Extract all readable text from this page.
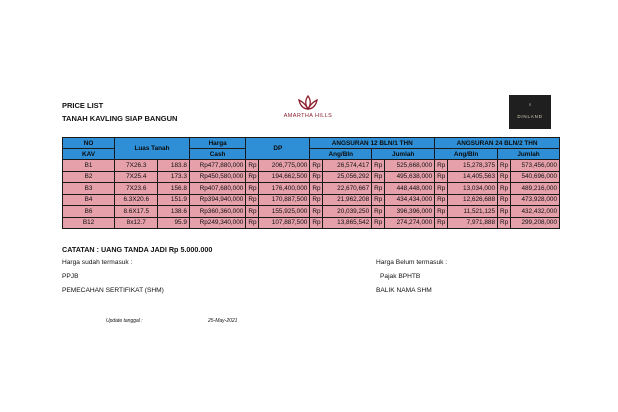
PRICE LIST
TANAH KAVLING SIAP BANGUN	AMARTHA HILLS
◦
DINLAND
NO	Luas Tanah		Harga	DP		ANGSURAN 12 BLN/1 THN				ANGSURAN 24 BLN/2 THN			
KAV			Cash			Ang/Bln		Jumlah		Ang/Bln		Jumlah	
B1	7X26.3	183.8	Rp477,880,000	Rp	206,775,000	Rp	26,574,417	Rp	525,668,000	Rp	15,278,375	Rp	573,456,000
B2	7X25.4	173.3	Rp450,580,000	Rp	194,662,500	Rp	25,056,292	Rp	495,638,000	Rp	14,405,563	Rp	540,696,000
B3	7X23.6	156.8	Rp407,680,000	Rp	176,400,000	Rp	22,670,667	Rp	448,448,000	Rp	13,034,000	Rp	489,216,000
B4	6.3X20.6	151.9	Rp394,940,000	Rp	170,887,500	Rp	21,962,208	Rp	434,434,000	Rp	12,626,688	Rp	473,928,000
B6	8.6X17.5	138.6	Rp360,360,000	Rp	155,925,000	Rp	20,039,250	Rp	396,396,000	Rp	11,521,125	Rp	432,432,000
B12	8x12.7	95.9	Rp249,340,000	Rp	107,887,500	Rp	13,865,542	Rp	274,274,000	Rp	7,971,888	Rp	299,208,000
CATATAN : UANG TANDA JADI Rp 5.000.000
Harga sudah termasuk :
PPJB
PEMECAHAN SERTIFIKAT (SHM)
Harga Belum termasuk :
Pajak BPHTB
BALIK NAMA SHM
Update tanggal :	25-May-2021
